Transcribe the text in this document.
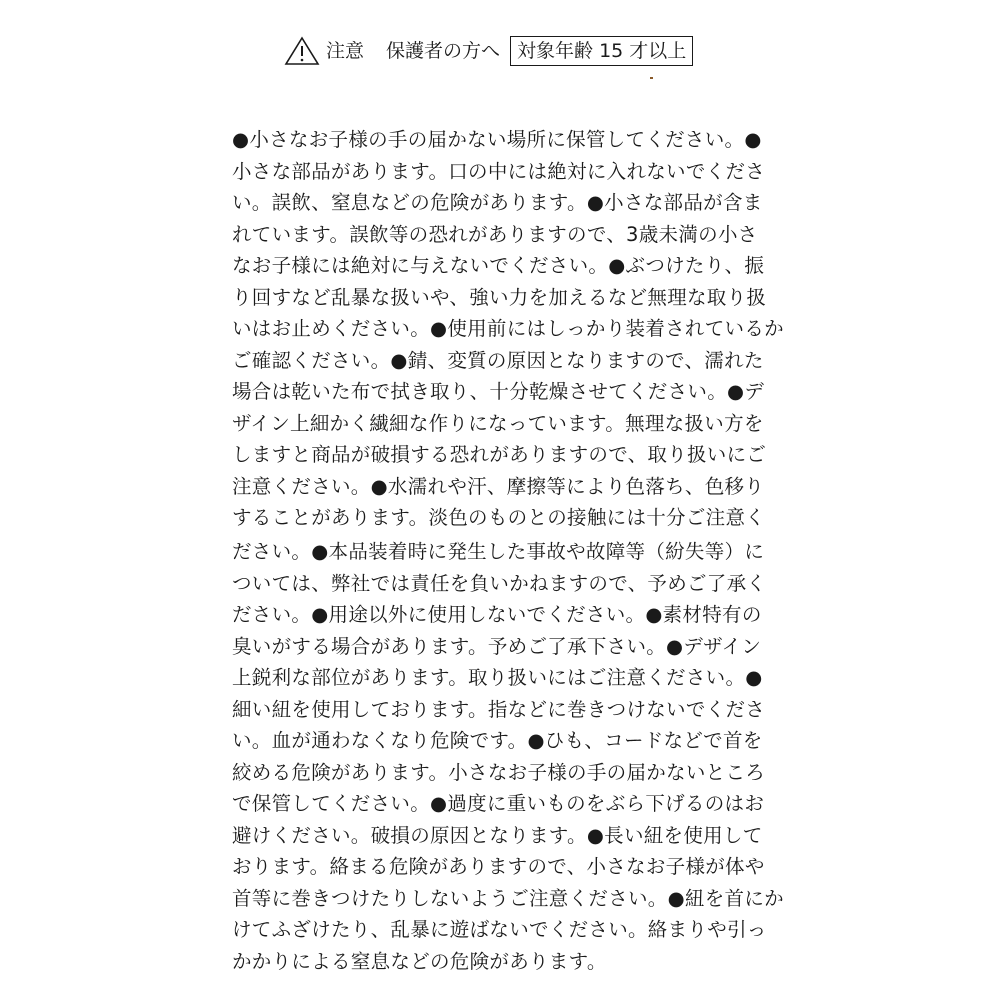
注意 保護者の方へ 対象年齢 15 才以上
●小さなお子様の手の届かない場所に保管してください。●
小さな部品があります。口の中には絶対に入れないでくださ
い。誤飲、窒息などの危険があります。●小さな部品が含ま
れています。誤飲等の恐れがありますので、3歳未満の小さ
なお子様には絶対に与えないでください。●ぶつけたり、振
り回すなど乱暴な扱いや、強い力を加えるなど無理な取り扱
いはお止めください。●使用前にはしっかり装着されているか
ご確認ください。●錆、変質の原因となりますので、濡れた
場合は乾いた布で拭き取り、十分乾燥させてください。●デ
ザイン上細かく繊細な作りになっています。無理な扱い方を
しますと商品が破損する恐れがありますので、取り扱いにご
注意ください。●水濡れや汗、摩擦等により色落ち、色移り
することがあります。淡色のものとの接触には十分ご注意く
ださい。●本品装着時に発生した事故や故障等（紛失等）に
ついては、弊社では責任を負いかねますので、予めご了承く
ださい。●用途以外に使用しないでください。●素材特有の
臭いがする場合があります。予めご了承下さい。●デザイン
上鋭利な部位があります。取り扱いにはご注意ください。●
細い紐を使用しております。指などに巻きつけないでくださ
い。血が通わなくなり危険です。●ひも、コードなどで首を
絞める危険があります。小さなお子様の手の届かないところ
で保管してください。●過度に重いものをぶら下げるのはお
避けください。破損の原因となります。●長い紐を使用して
おります。絡まる危険がありますので、小さなお子様が体や
首等に巻きつけたりしないようご注意ください。●紐を首にか
けてふざけたり、乱暴に遊ばないでください。絡まりや引っ
かかりによる窒息などの危険があります。
